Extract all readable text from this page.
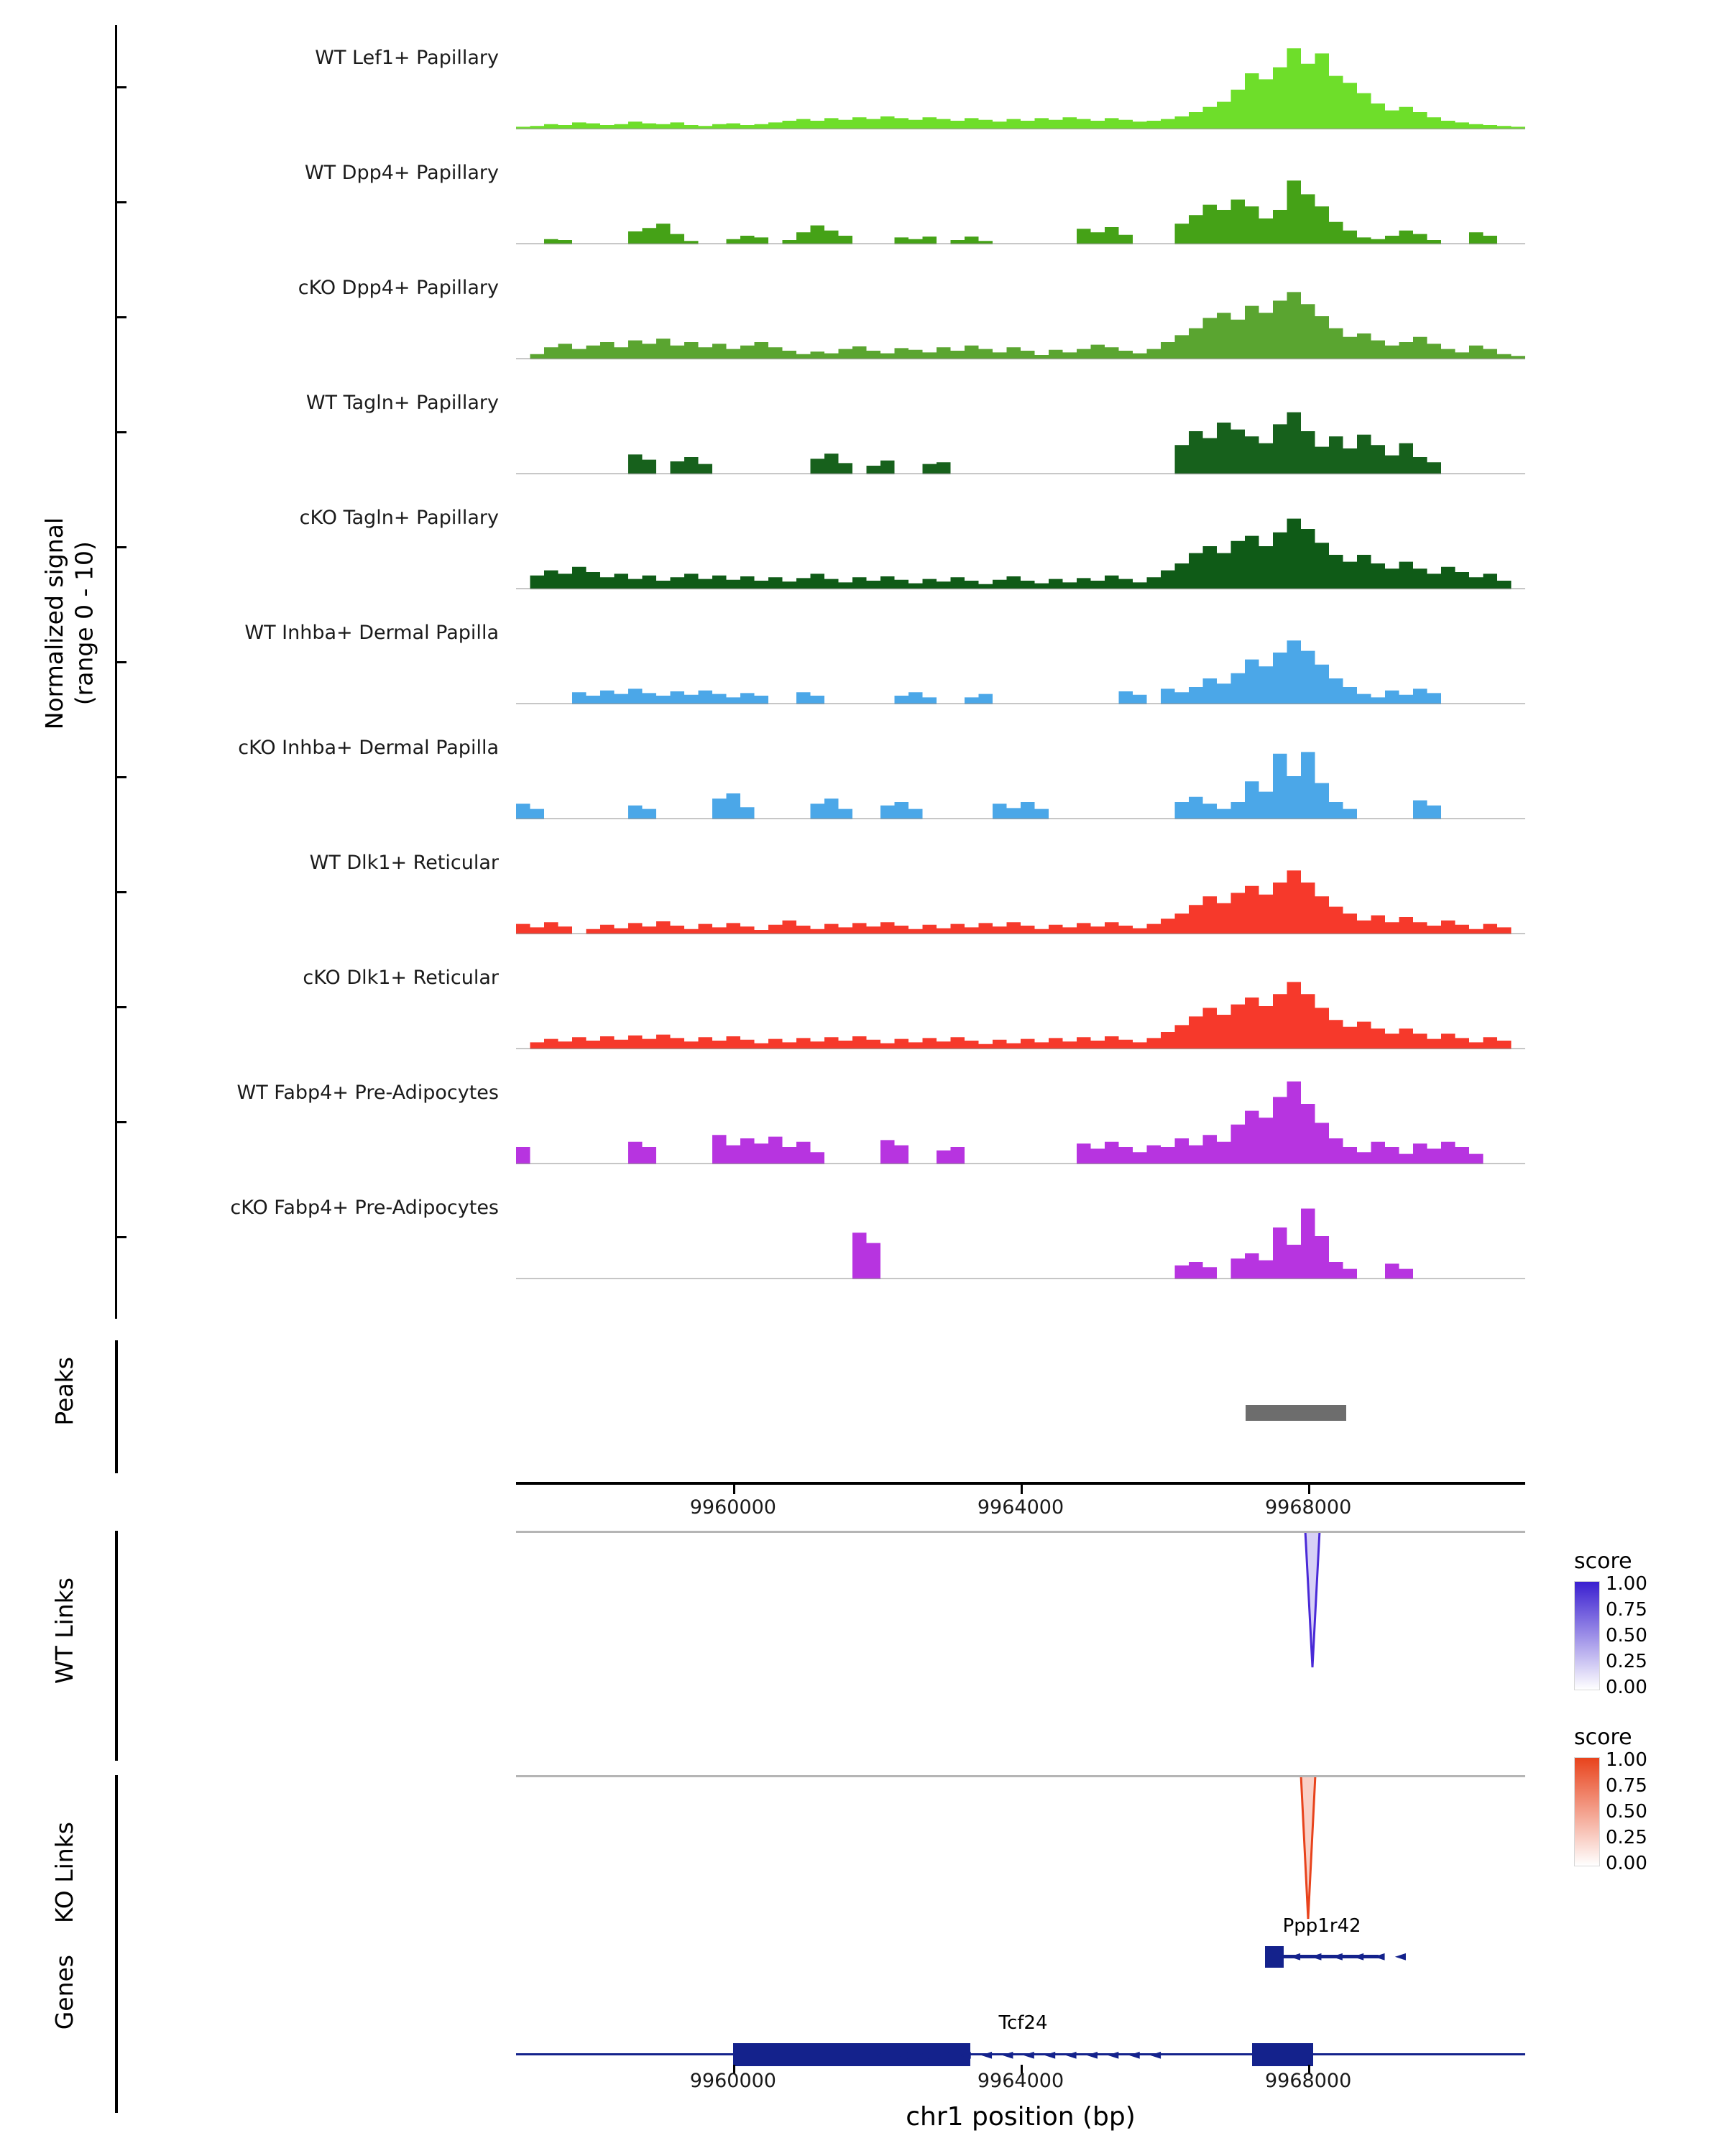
Normalized signal
(range 0 - 10)
WT Lef1+ Papillary
WT Dpp4+ Papillary
cKO Dpp4+ Papillary
WT Tagln+ Papillary
cKO Tagln+ Papillary
WT Inhba+ Dermal Papilla
cKO Inhba+ Dermal Papilla
WT Dlk1+ Reticular
cKO Dlk1+ Reticular
WT Fabp4+ Pre-Adipocytes
cKO Fabp4+ Pre-Adipocytes
Peaks
9960000	9964000	9968000
WT Links
KO Links
score
1.00
0.75
0.50
0.25
0.00
score
1.00
0.75
0.50
0.25
0.00
Genes	◄◄◄◄◄◄
Ppp1r42
Tcf24
◄◄◄◄◄◄◄◄◄◄◄◄◄◄
9960000	9964000	9968000
chr1 position (bp)
